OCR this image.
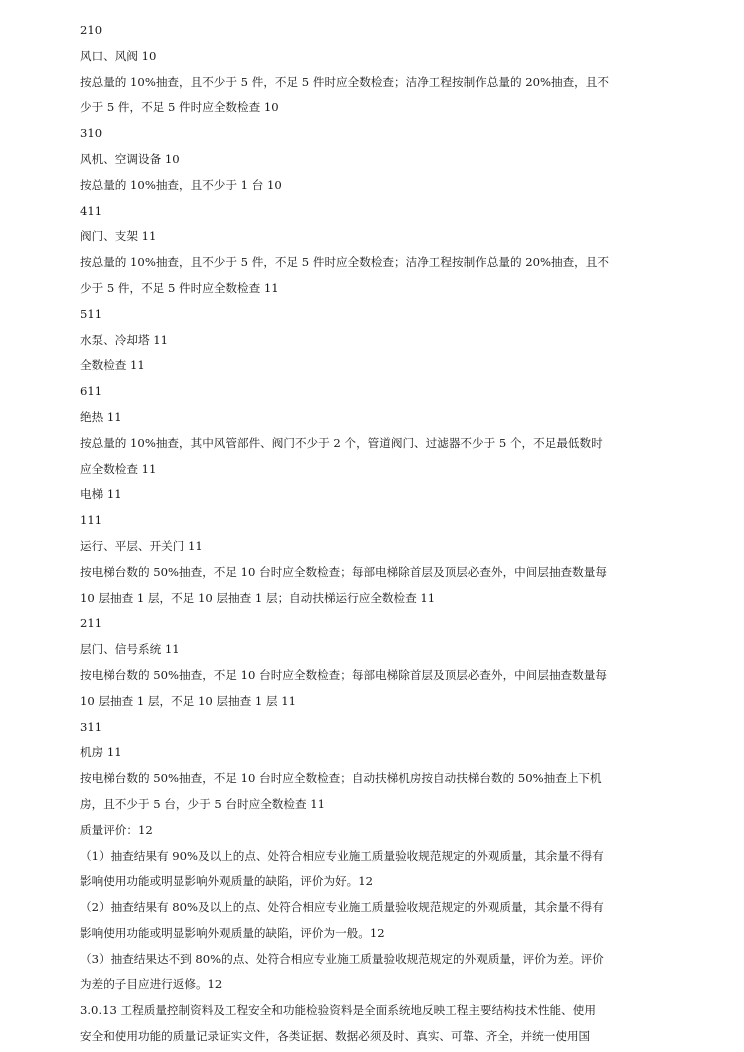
210

风口、风阀 10

按总量的 10%抽查，且不少于 5 件，不足 5 件时应全数检查；洁净工程按制作总量的 20%抽查，且不

少于 5 件，不足 5 件时应全数检查 10

310

风机、空调设备 10

按总量的 10%抽查，且不少于 1 台 10

411

阀门、支架 11

按总量的 10%抽查，且不少于 5 件，不足 5 件时应全数检查；洁净工程按制作总量的 20%抽查，且不

少于 5 件，不足 5 件时应全数检查 11

511

水泵、冷却塔 11

全数检查 11

611

绝热 11

按总量的 10%抽查，其中风管部件、阀门不少于 2 个，管道阀门、过滤器不少于 5 个，不足最低数时

应全数检查 11

电梯 11

111

运行、平层、开关门 11

按电梯台数的 50%抽查，不足 10 台时应全数检查；每部电梯除首层及顶层必查外，中间层抽查数量每

10 层抽查 1 层，不足 10 层抽查 1 层；自动扶梯运行应全数检查 11

211

层门、信号系统 11

按电梯台数的 50%抽查，不足 10 台时应全数检查；每部电梯除首层及顶层必查外，中间层抽查数量每

10 层抽查 1 层，不足 10 层抽查 1 层 11

311

机房 11

按电梯台数的 50%抽查，不足 10 台时应全数检查；自动扶梯机房按自动扶梯台数的 50%抽查上下机

房，且不少于 5 台，少于 5 台时应全数检查 11

质量评价：12

（1）抽查结果有 90%及以上的点、处符合相应专业施工质量验收规范规定的外观质量，其余量不得有

影响使用功能或明显影响外观质量的缺陷，评价为好。12

（2）抽查结果有 80%及以上的点、处符合相应专业施工质量验收规范规定的外观质量，其余量不得有

影响使用功能或明显影响外观质量的缺陷，评价为一般。12

（3）抽查结果达不到 80%的点、处符合相应专业施工质量验收规范规定的外观质量，评价为差。评价

为差的子目应进行返修。12

3.0.13 工程质量控制资料及工程安全和功能检验资料是全面系统地反映工程主要结构技术性能、使用

安全和使用功能的质量记录证实文件，各类证据、数据必须及时、真实、可靠、齐全，并统一使用国
